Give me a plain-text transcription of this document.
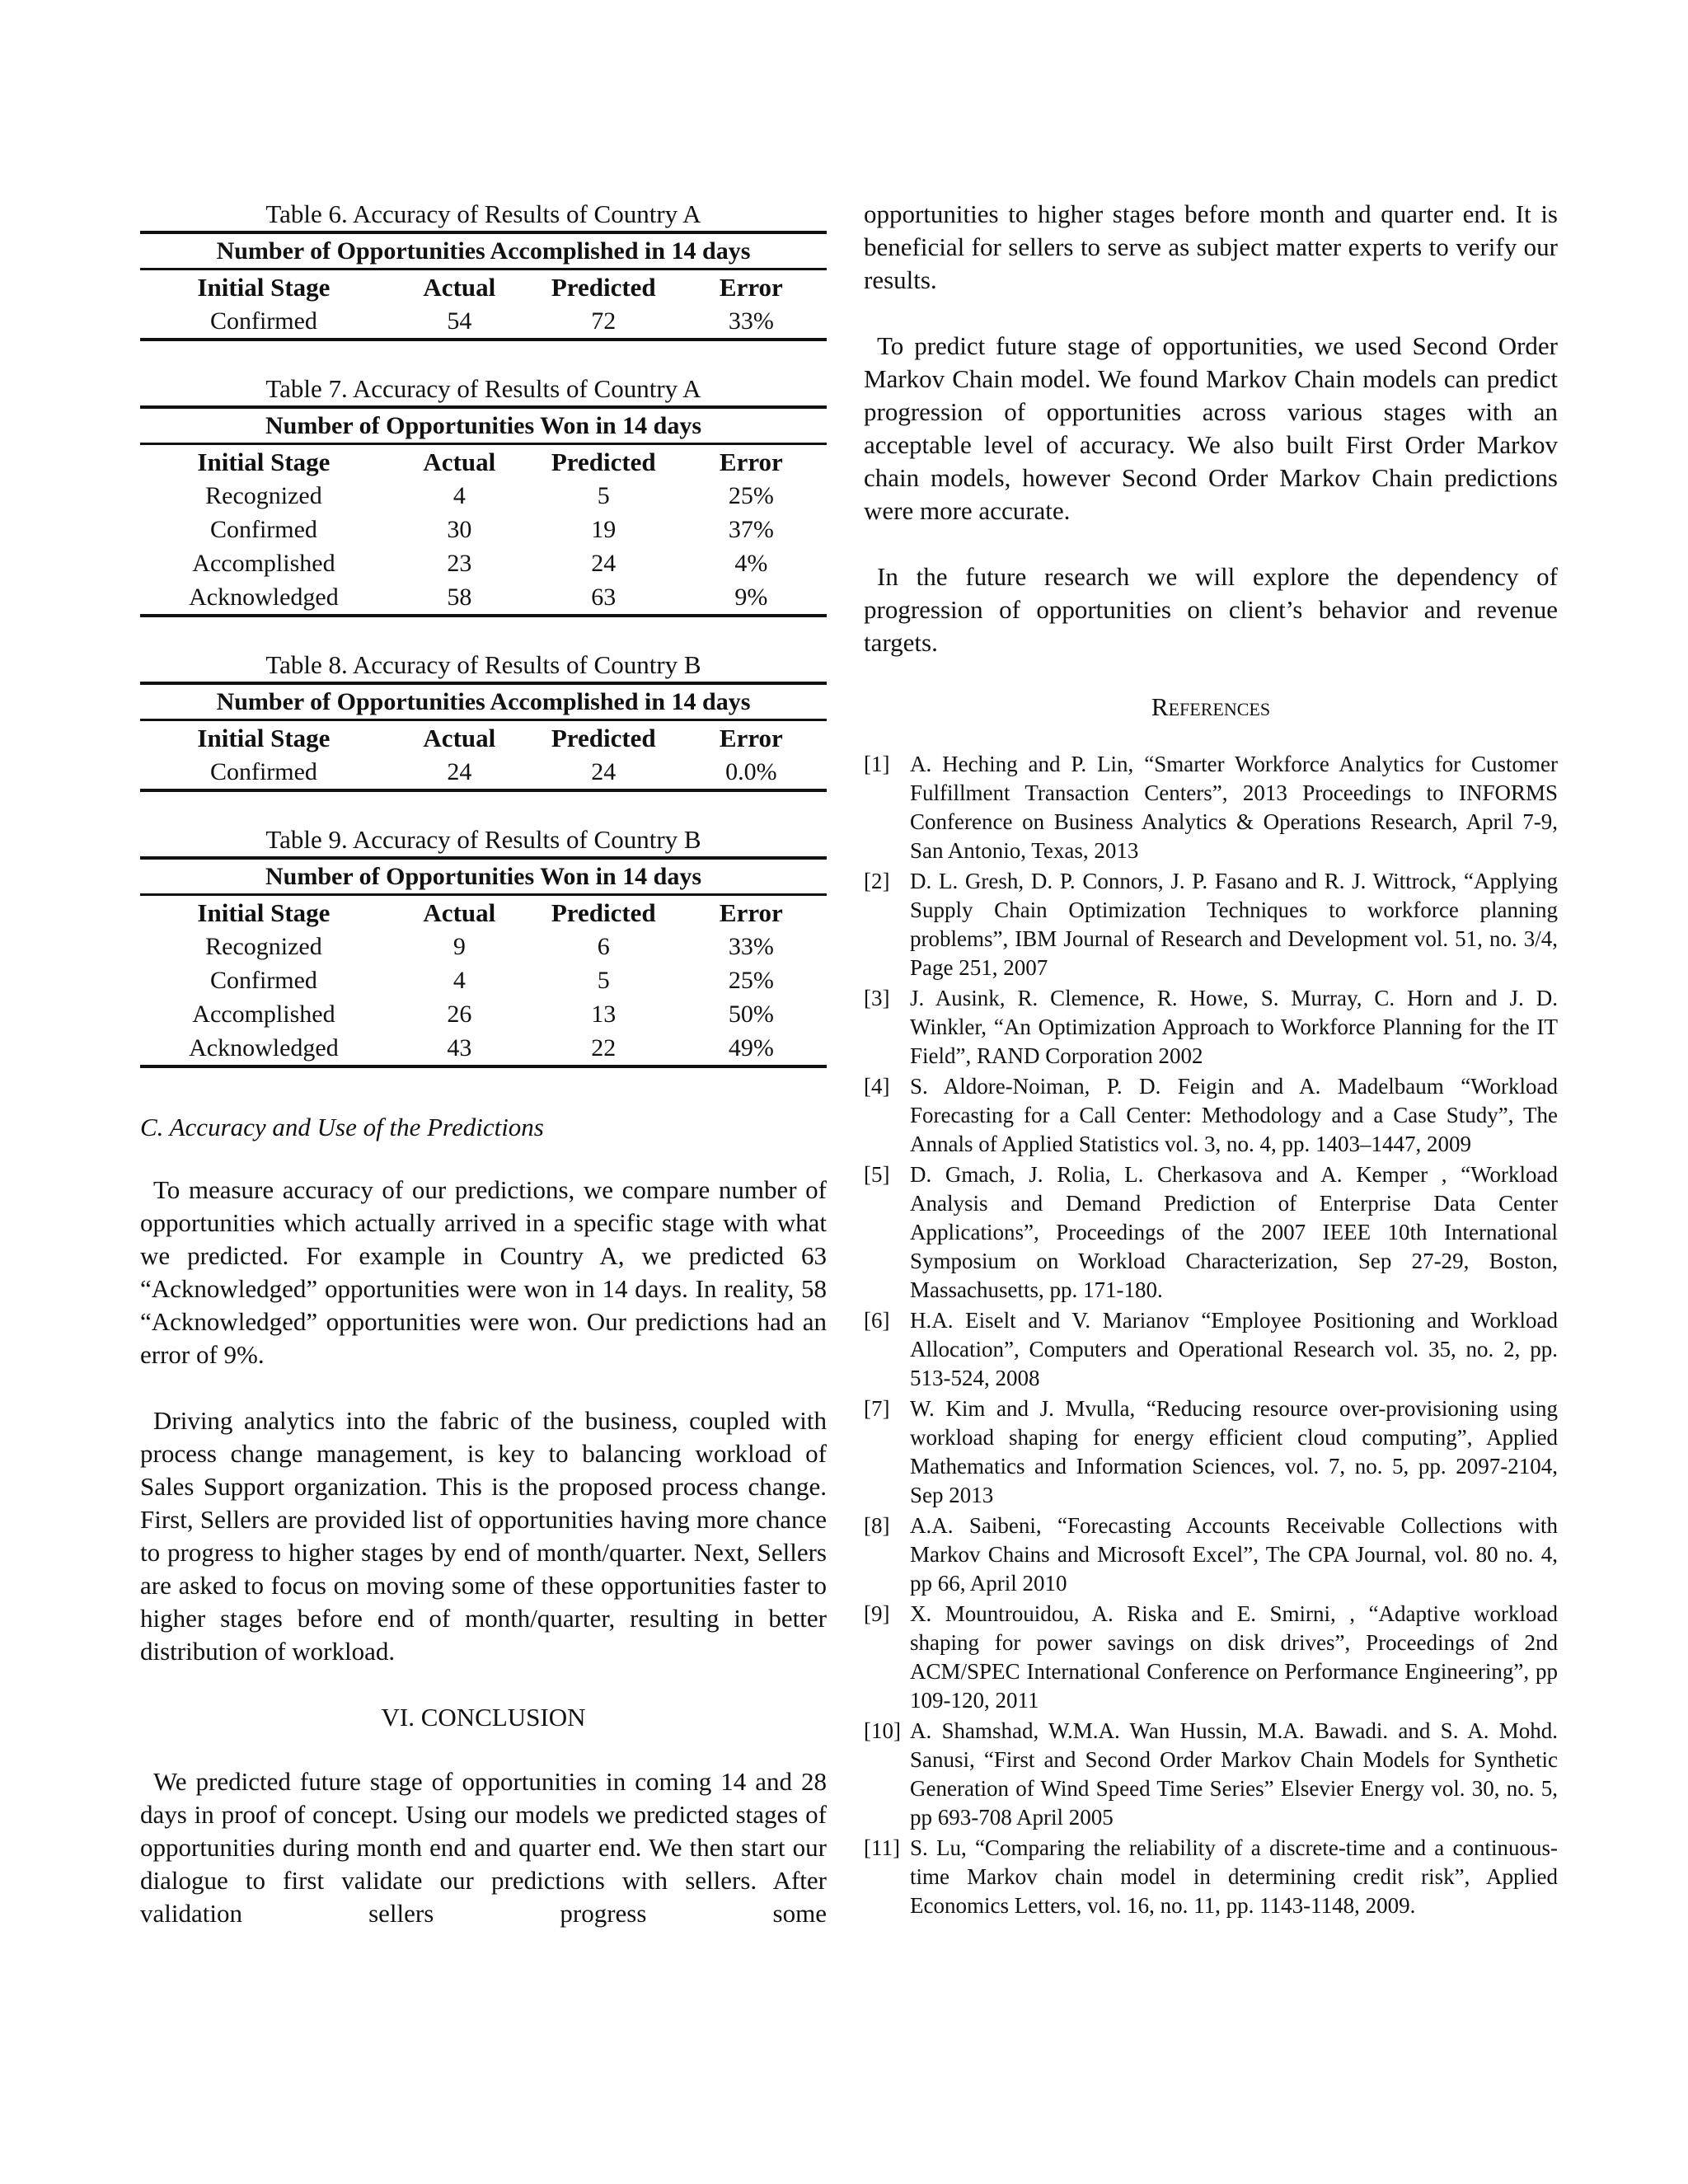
Table 6. Accuracy of Results of Country A
Number of Opportunities Accomplished in 14 days			
Initial Stage	Actual	Predicted	Error
Confirmed	54	72	33%
Table 7. Accuracy of Results of Country A
Number of Opportunities Won in 14 days			
Initial Stage	Actual	Predicted	Error
Recognized	4	5	25%
Confirmed	30	19	37%
Accomplished	23	24	4%
Acknowledged	58	63	9%
Table 8. Accuracy of Results of Country B
Number of Opportunities Accomplished in 14 days			
Initial Stage	Actual	Predicted	Error
Confirmed	24	24	0.0%
Table 9. Accuracy of Results of Country B
Number of Opportunities Won in 14 days			
Initial Stage	Actual	Predicted	Error
Recognized	9	6	33%
Confirmed	4	5	25%
Accomplished	26	13	50%
Acknowledged	43	22	49%
C. Accuracy and Use of the Predictions

To measure accuracy of our predictions, we compare number of opportunities which actually arrived in a specific stage with what we predicted. For example in Country A, we predicted 63 “Acknowledged” opportunities were won in 14 days. In reality, 58 “Acknowledged” opportunities were won. Our predictions had an error of 9%.

Driving analytics into the fabric of the business, coupled with process change management, is key to balancing workload of Sales Support organization. This is the proposed process change. First, Sellers are provided list of opportunities having more chance to progress to higher stages by end of month/quarter. Next, Sellers are asked to focus on moving some of these opportunities faster to higher stages before end of month/quarter, resulting in better distribution of workload.

VI. CONCLUSION

We predicted future stage of opportunities in coming 14 and 28 days in proof of concept. Using our models we predicted stages of opportunities during month end and quarter end. We then start our dialogue to first validate our predictions with sellers. After validation sellers progress some

opportunities to higher stages before month and quarter end. It is beneficial for sellers to serve as subject matter experts to verify our results.

To predict future stage of opportunities, we used Second Order Markov Chain model. We found Markov Chain models can predict progression of opportunities across various stages with an acceptable level of accuracy. We also built First Order Markov chain models, however Second Order Markov Chain predictions were more accurate.

In the future research we will explore the dependency of progression of opportunities on client’s behavior and revenue targets.

References
[1] A. Heching and P. Lin, “Smarter Workforce Analytics for Customer Fulfillment Transaction Centers”, 2013 Proceedings to INFORMS Conference on Business Analytics & Operations Research, April 7-9, San Antonio, Texas, 2013
[2] D. L. Gresh, D. P. Connors, J. P. Fasano and R. J. Wittrock, “Applying Supply Chain Optimization Techniques to workforce planning problems”, IBM Journal of Research and Development vol. 51, no. 3/4, Page 251, 2007
[3] J. Ausink, R. Clemence, R. Howe, S. Murray, C. Horn and J. D. Winkler, “An Optimization Approach to Workforce Planning for the IT Field”, RAND Corporation 2002
[4] S. Aldore-Noiman, P. D. Feigin and A. Madelbaum “Workload Forecasting for a Call Center: Methodology and a Case Study”, The Annals of Applied Statistics vol. 3, no. 4, pp. 1403–1447, 2009
[5] D. Gmach, J. Rolia, L. Cherkasova and A. Kemper , “Workload Analysis and Demand Prediction of Enterprise Data Center Applications”, Proceedings of the 2007 IEEE 10th International Symposium on Workload Characterization, Sep 27-29, Boston, Massachusetts, pp. 171-180.
[6] H.A. Eiselt and V. Marianov “Employee Positioning and Workload Allocation”, Computers and Operational Research vol. 35, no. 2, pp. 513-524, 2008
[7] W. Kim and J. Mvulla, “Reducing resource over-provisioning using workload shaping for energy efficient cloud computing”, Applied Mathematics and Information Sciences, vol. 7, no. 5, pp. 2097-2104, Sep 2013
[8] A.A. Saibeni, “Forecasting Accounts Receivable Collections with Markov Chains and Microsoft Excel”, The CPA Journal, vol. 80 no. 4, pp 66, April 2010
[9] X. Mountrouidou, A. Riska and E. Smirni, , “Adaptive workload shaping for power savings on disk drives”, Proceedings of 2nd ACM/SPEC International Conference on Performance Engineering”, pp 109-120, 2011
[10] A. Shamshad, W.M.A. Wan Hussin, M.A. Bawadi. and S. A. Mohd. Sanusi, “First and Second Order Markov Chain Models for Synthetic Generation of Wind Speed Time Series” Elsevier Energy vol. 30, no. 5, pp 693-708 April 2005
[11] S. Lu, “Comparing the reliability of a discrete-time and a continuous-time Markov chain model in determining credit risk”, Applied Economics Letters, vol. 16, no. 11, pp. 1143-1148, 2009.
